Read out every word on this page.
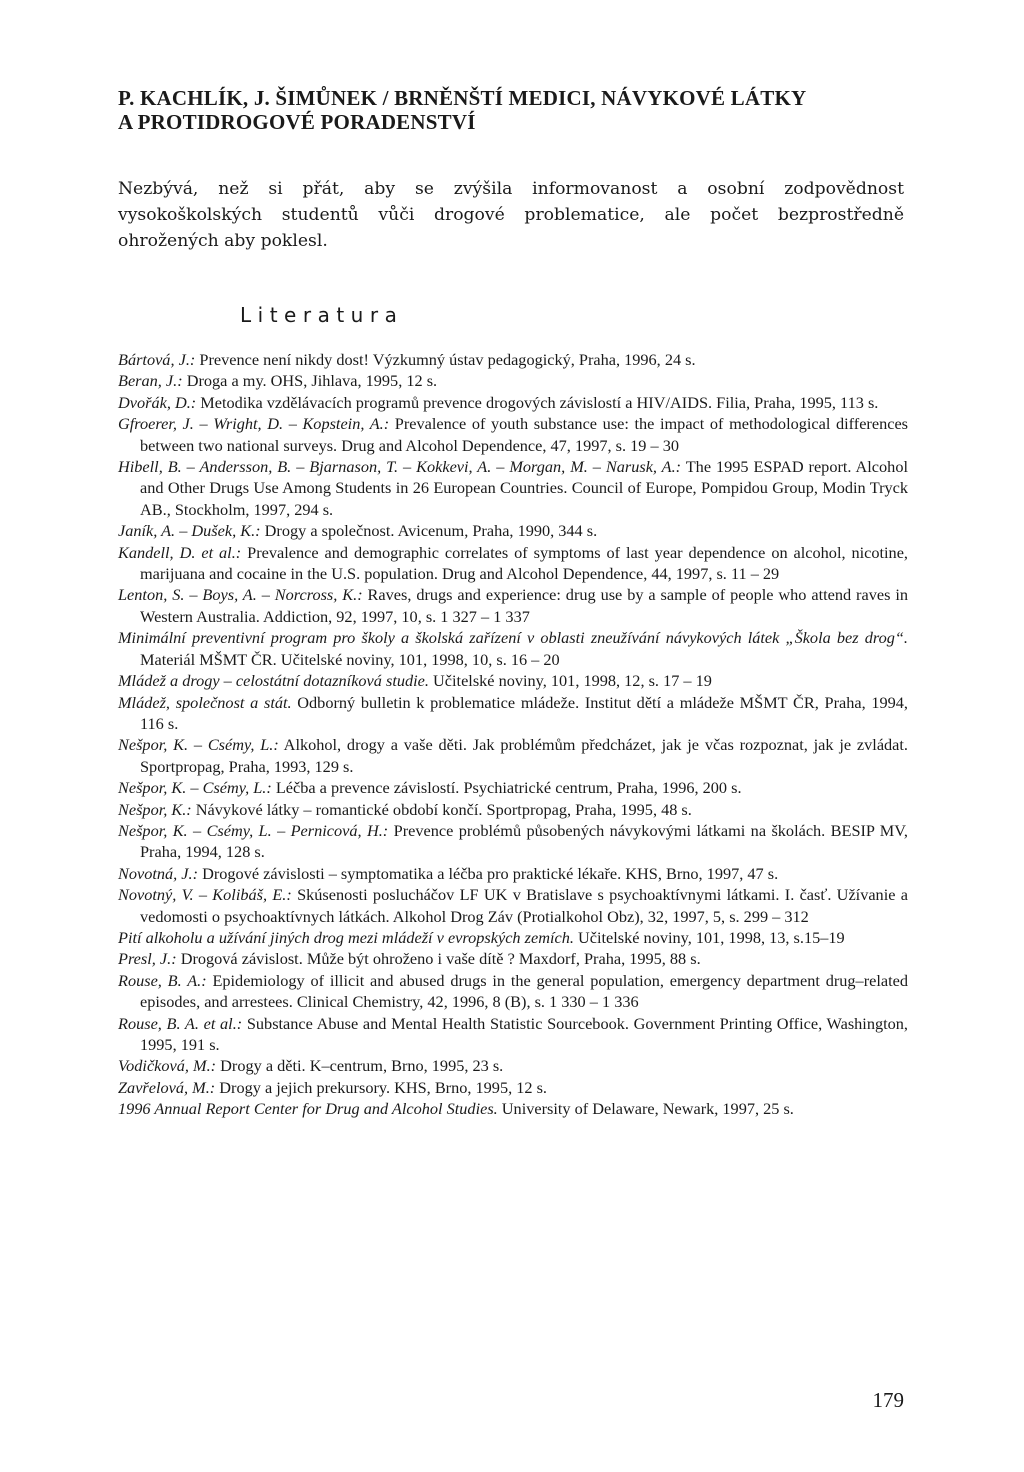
P. KACHLÍK, J. ŠIMŮNEK / BRNĚNŠTÍ MEDICI, NÁVYKOVÉ LÁTKY
A PROTIDROGOVÉ PORADENSTVÍ
Nezbývá, než si přát, aby se zvýšila informovanost a osobní zodpovědnost vysokoškolských studentů vůči drogové problematice, ale počet bezprostředně ohrožených aby poklesl.
Literatura
Bártová, J.: Prevence není nikdy dost! Výzkumný ústav pedagogický, Praha, 1996, 24 s.
Beran, J.: Droga a my. OHS, Jihlava, 1995, 12 s.
Dvořák, D.: Metodika vzdělávacích programů prevence drogových závislostí a HIV/AIDS. Filia, Praha, 1995, 113 s.
Gfroerer, J. – Wright, D. – Kopstein, A.: Prevalence of youth substance use: the impact of methodological differences between two national surveys. Drug and Alcohol Dependence, 47, 1997, s. 19 – 30
Hibell, B. – Andersson, B. – Bjarnason, T. – Kokkevi, A. – Morgan, M. – Narusk, A.: The 1995 ESPAD report. Alcohol and Other Drugs Use Among Students in 26 European Countries. Council of Europe, Pompidou Group, Modin Tryck AB., Stockholm, 1997, 294 s.
Janík, A. – Dušek, K.: Drogy a společnost. Avicenum, Praha, 1990, 344 s.
Kandell, D. et al.: Prevalence and demographic correlates of symptoms of last year dependence on alcohol, nicotine, marijuana and cocaine in the U.S. population. Drug and Alcohol Dependence, 44, 1997, s. 11 – 29
Lenton, S. – Boys, A. – Norcross, K.: Raves, drugs and experience: drug use by a sample of people who attend raves in Western Australia. Addiction, 92, 1997, 10, s. 1 327 – 1 337
Minimální preventivní program pro školy a školská zařízení v oblasti zneužívání návykových látek „Škola bez drog“. Materiál MŠMT ČR. Učitelské noviny, 101, 1998, 10, s. 16 – 20
Mládež a drogy – celostátní dotazníková studie. Učitelské noviny, 101, 1998, 12, s. 17 – 19
Mládež, společnost a stát. Odborný bulletin k problematice mládeže. Institut dětí a mládeže MŠMT ČR, Praha, 1994, 116 s.
Nešpor, K. – Csémy, L.: Alkohol, drogy a vaše děti. Jak problémům předcházet, jak je včas rozpoznat, jak je zvládat. Sportpropag, Praha, 1993, 129 s.
Nešpor, K. – Csémy, L.: Léčba a prevence závislostí. Psychiatrické centrum, Praha, 1996, 200 s.
Nešpor, K.: Návykové látky – romantické období končí. Sportpropag, Praha, 1995, 48 s.
Nešpor, K. – Csémy, L. – Pernicová, H.: Prevence problémů působených návykovými látkami na školách. BESIP MV, Praha, 1994, 128 s.
Novotná, J.: Drogové závislosti – symptomatika a léčba pro praktické lékaře. KHS, Brno, 1997, 47 s.
Novotný, V. – Kolibáš, E.: Skúsenosti poslucháčov LF UK v Bratislave s psychoaktívnymi látkami. I. časť. Užívanie a vedomosti o psychoaktívnych látkách. Alkohol Drog Záv (Protialkohol Obz), 32, 1997, 5, s. 299 – 312
Pití alkoholu a užívání jiných drog mezi mládeží v evropských zemích. Učitelské noviny, 101, 1998, 13, s.15–19
Presl, J.: Drogová závislost. Může být ohroženo i vaše dítě ? Maxdorf, Praha, 1995, 88 s.
Rouse, B. A.: Epidemiology of illicit and abused drugs in the general population, emergency department drug–related episodes, and arrestees. Clinical Chemistry, 42, 1996, 8 (B), s. 1 330 – 1 336
Rouse, B. A. et al.: Substance Abuse and Mental Health Statistic Sourcebook. Government Printing Office, Washington, 1995, 191 s.
Vodičková, M.: Drogy a děti. K–centrum, Brno, 1995, 23 s.
Zavřelová, M.: Drogy a jejich prekursory. KHS, Brno, 1995, 12 s.
1996 Annual Report Center for Drug and Alcohol Studies. University of Delaware, Newark, 1997, 25 s.
179
